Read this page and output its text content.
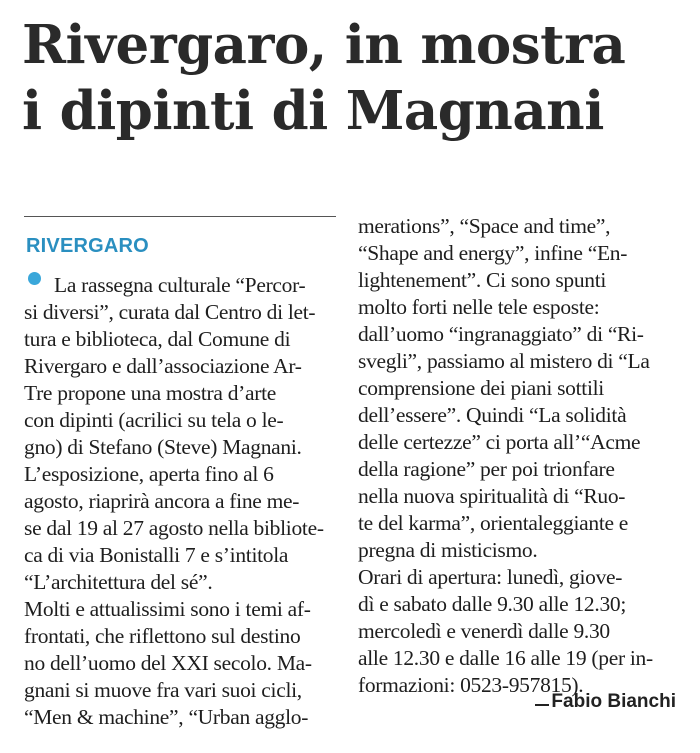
Rivergaro, in mostra
i dipinti di Magnani
RIVERGARO
La rassegna culturale “Percor-
si diversi”, curata dal Centro di let-
tura e biblioteca, dal Comune di
Rivergaro e dall’associazione Ar-
Tre propone una mostra d’arte
con dipinti (acrilici su tela o le-
gno) di Stefano (Steve) Magnani.
L’esposizione, aperta fino al 6
agosto, riaprirà ancora a fine me-
se dal 19 al 27 agosto nella bibliote-
ca di via Bonistalli 7 e s’intitola
“L’architettura del sé”.
Molti e attualissimi sono i temi af-
frontati, che riflettono sul destino
no dell’uomo del XXI secolo. Ma-
gnani si muove fra vari suoi cicli,
“Men & machine”, “Urban agglo-
merations”, “Space and time”,
“Shape and energy”, infine “En-
lightenement”. Ci sono spunti
molto forti nelle tele esposte:
dall’uomo “ingranaggiato” di “Ri-
svegli”, passiamo al mistero di “La
comprensione dei piani sottili
dell’essere”. Quindi “La solidità
delle certezze” ci porta all’“Acme
della ragione” per poi trionfare
nella nuova spiritualità di “Ruo-
te del karma”, orientaleggiante e
pregna di misticismo.
Orari di apertura: lunedì, giove-
dì e sabato dalle 9.30 alle 12.30;
mercoledì e venerdì dalle 9.30
alle 12.30 e dalle 16 alle 19 (per in-
formazioni: 0523-957815).
Fabio Bianchi
